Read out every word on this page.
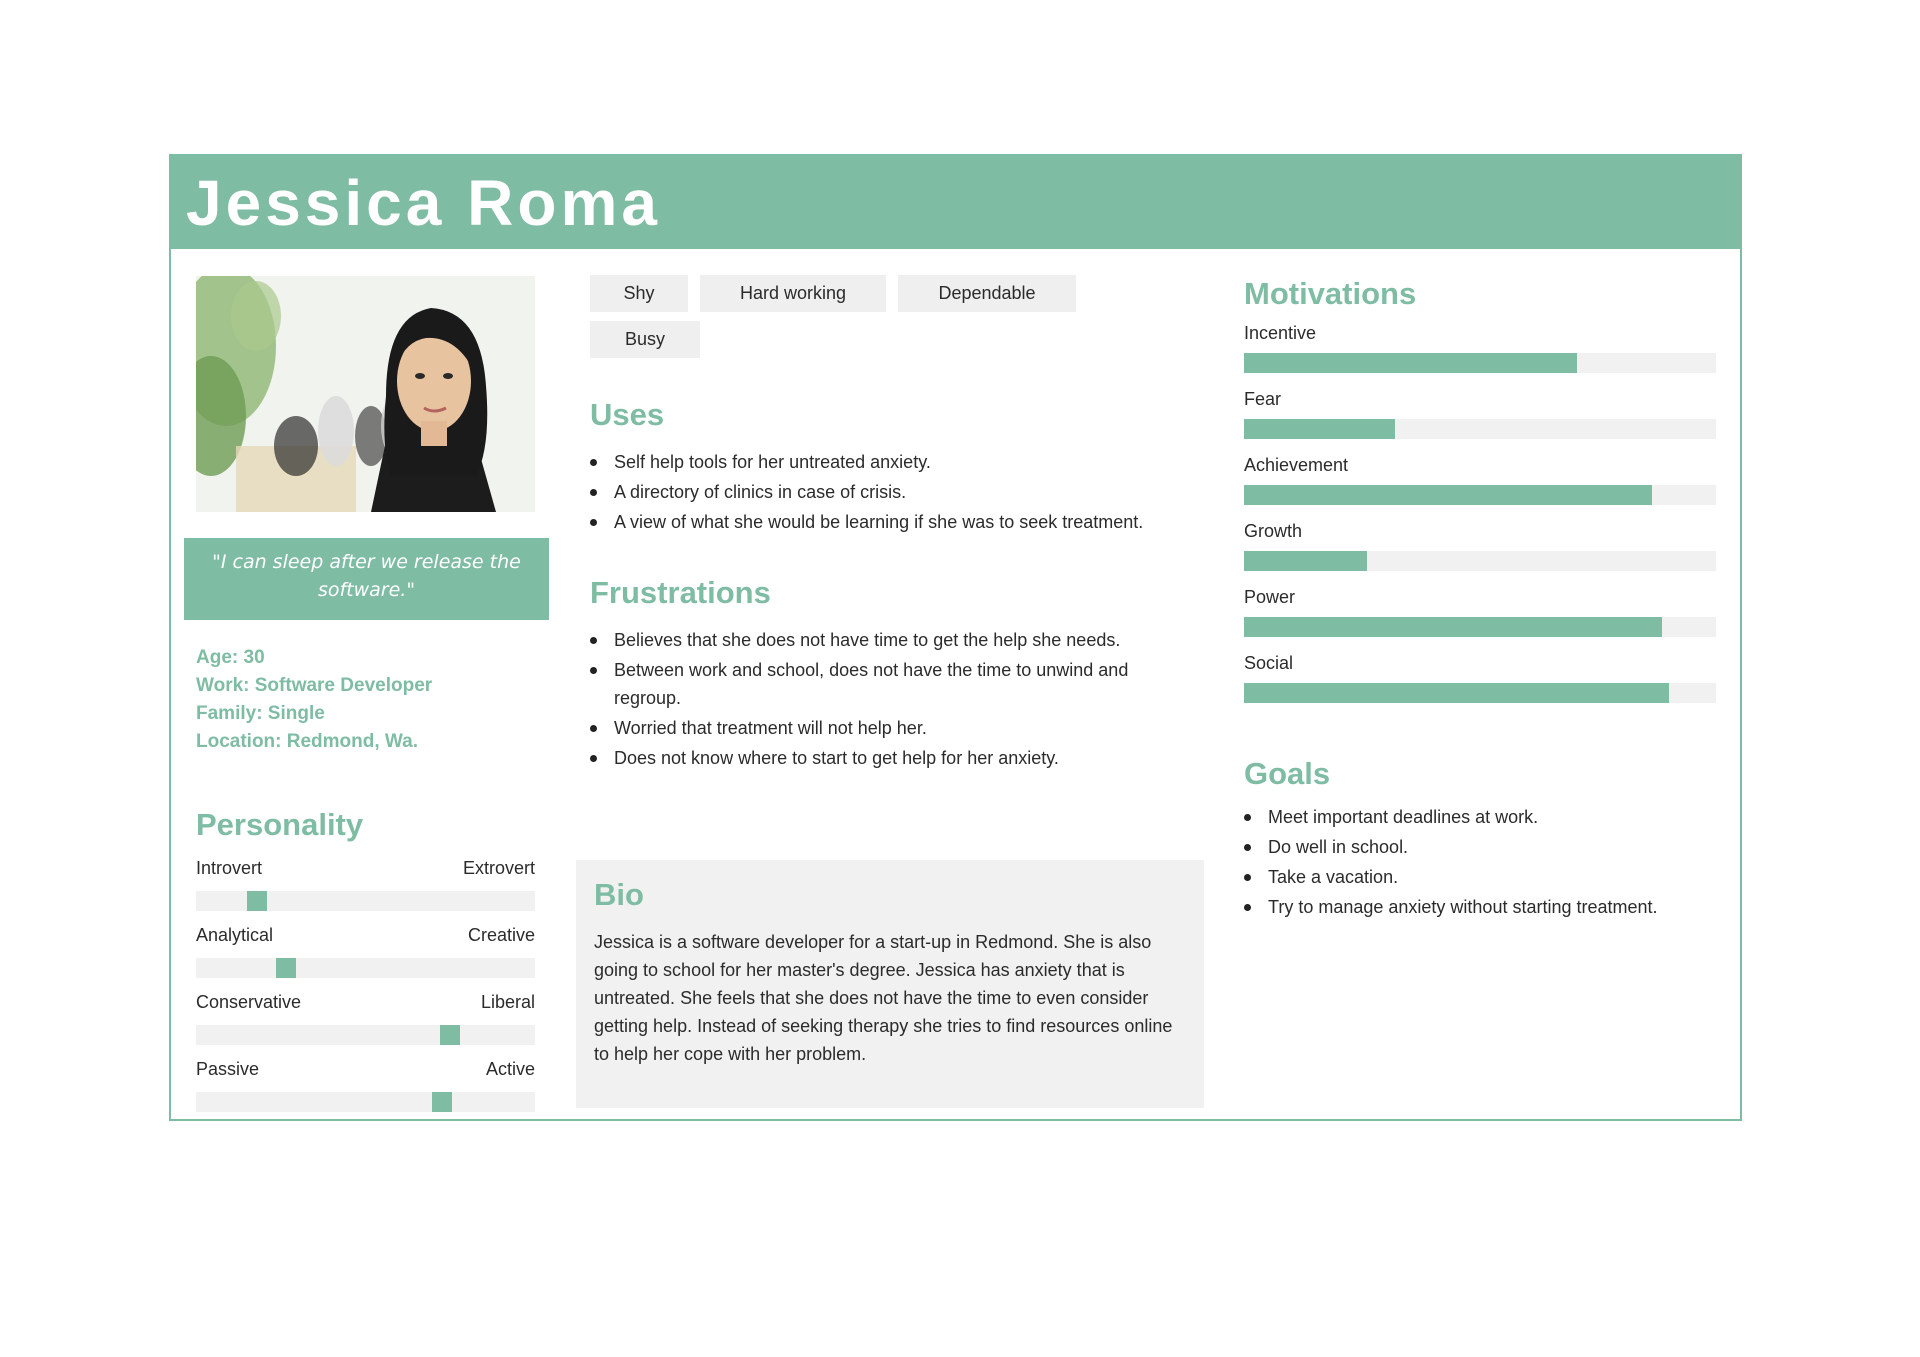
Jessica Roma
"I can sleep after we release the software."
Age: 30
Work: Software Developer
Family: Single
Location: Redmond, Wa.
Personality
Introvert	Extrovert
Analytical	Creative
Conservative	Liberal
Passive	Active
Shy	Hard working	Dependable
Busy
Uses
Self help tools for her untreated anxiety.
A directory of clinics in case of crisis.
A view of what she would be learning if she was to seek treatment.
Frustrations
Believes that she does not have time to get the help she needs.
Between work and school, does not have the time to unwind and regroup.
Worried that treatment will not help her.
Does not know where to start to get help for her anxiety.
Bio
Jessica is a software developer for a start-up in Redmond. She is also going to school for her master's degree. Jessica has anxiety that is untreated. She feels that she does not have the time to even consider getting help. Instead of seeking therapy she tries to find resources online to help her cope with her problem.
Motivations
Incentive
Fear
Achievement
Growth
Power
Social
Goals
Meet important deadlines at work.
Do well in school.
Take a vacation.
Try to manage anxiety without starting treatment.
